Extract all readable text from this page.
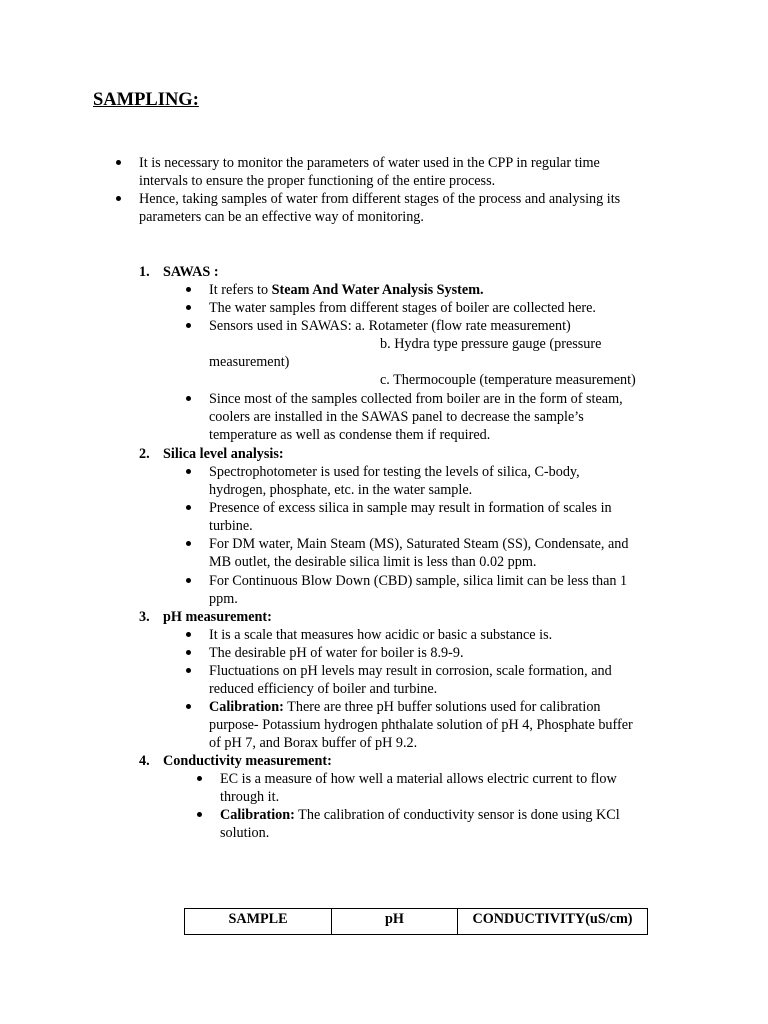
SAMPLING:

It is necessary to monitor the parameters of water used in the CPP in regular time

intervals to ensure the proper functioning of the entire process.

Hence, taking samples of water from different stages of the process and analysing its

parameters can be an effective way of monitoring.

1. SAWAS :

It refers to Steam And Water Analysis System.

The water samples from different stages of boiler are collected here.

Sensors used in SAWAS: a. Rotameter (flow rate measurement)

b. Hydra type pressure gauge (pressure

measurement)

c. Thermocouple (temperature measurement)

Since most of the samples collected from boiler are in the form of steam,

coolers are installed in the SAWAS panel to decrease the sample’s

temperature as well as condense them if required.

2. Silica level analysis:

Spectrophotometer is used for testing the levels of silica, C-body,

hydrogen, phosphate, etc. in the water sample.

Presence of excess silica in sample may result in formation of scales in

turbine.

For DM water, Main Steam (MS), Saturated Steam (SS), Condensate, and

MB outlet, the desirable silica limit is less than 0.02 ppm.

For Continuous Blow Down (CBD) sample, silica limit can be less than 1

ppm.

3. pH measurement:

It is a scale that measures how acidic or basic a substance is.

The desirable pH of water for boiler is 8.9-9.

Fluctuations on pH levels may result in corrosion, scale formation, and

reduced efficiency of boiler and turbine.

Calibration: There are three pH buffer solutions used for calibration

purpose- Potassium hydrogen phthalate solution of pH 4, Phosphate buffer

of pH 7, and Borax buffer of pH 9.2.

4. Conductivity measurement:

EC is a measure of how well a material allows electric current to flow

through it.

Calibration: The calibration of conductivity sensor is done using KCl

solution.

SAMPLE	pH	CONDUCTIVITY(uS/cm)
